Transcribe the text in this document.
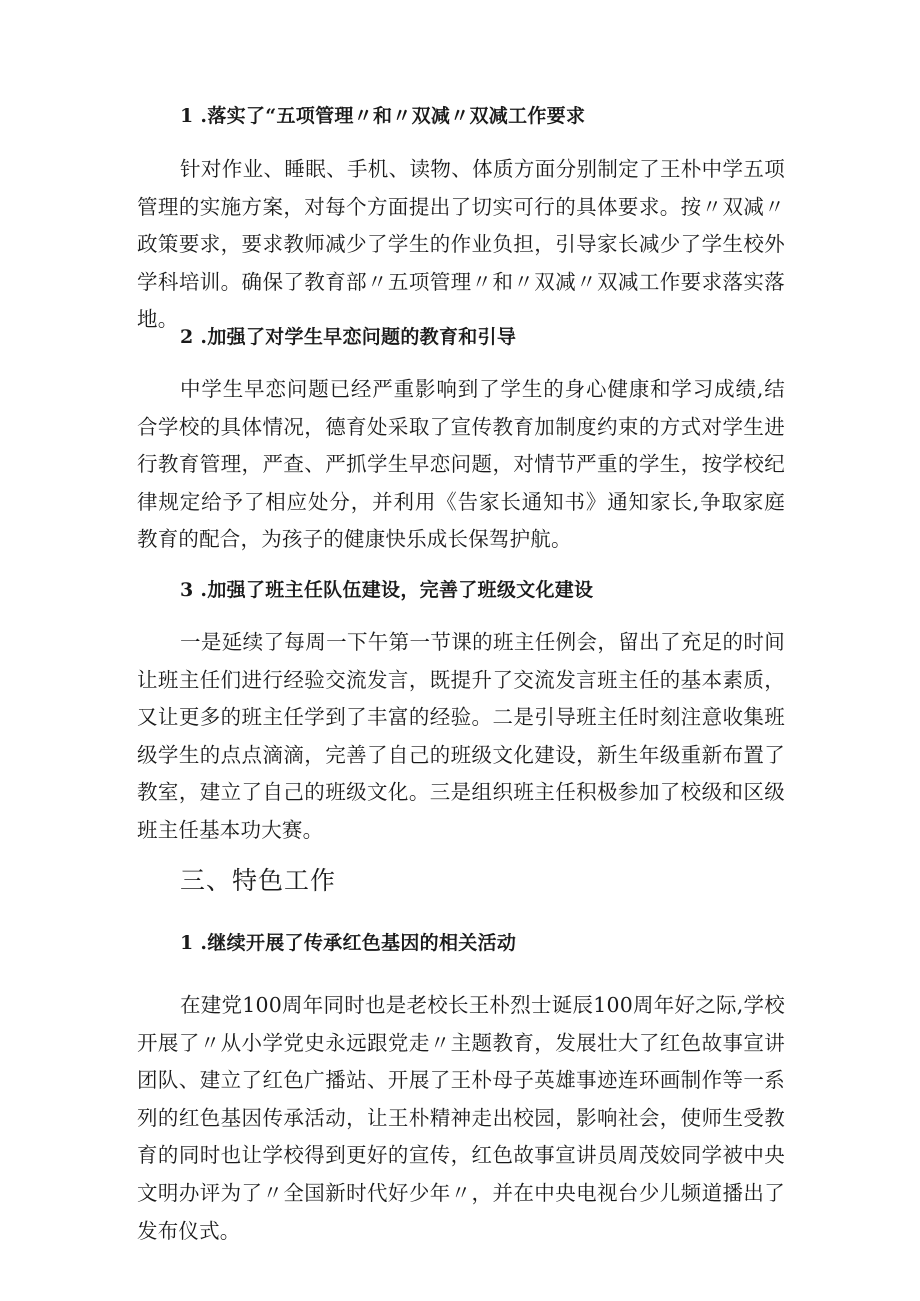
1 .落实了“五项管理〃和〃双减〃双减工作要求

针对作业、睡眠、手机、读物、体质方面分别制定了王朴中学五项管理的实施方案，对每个方面提出了切实可行的具体要求。按〃双减〃政策要求，要求教师减少了学生的作业负担，引导家长减少了学生校外学科培训。确保了教育部〃五项管理〃和〃双减〃双减工作要求落实落地。

2 .加强了对学生早恋问题的教育和引导

中学生早恋问题已经严重影响到了学生的身心健康和学习成绩,结合学校的具体情况，德育处采取了宣传教育加制度约束的方式对学生进行教育管理，严查、严抓学生早恋问题，对情节严重的学生，按学校纪律规定给予了相应处分，并利用《告家长通知书》通知家长,争取家庭教育的配合，为孩子的健康快乐成长保驾护航。

3 .加强了班主任队伍建设，完善了班级文化建设

一是延续了每周一下午第一节课的班主任例会，留出了充足的时间让班主任们进行经验交流发言，既提升了交流发言班主任的基本素质，又让更多的班主任学到了丰富的经验。二是引导班主任时刻注意收集班级学生的点点滴滴，完善了自己的班级文化建设，新生年级重新布置了教室，建立了自己的班级文化。三是组织班主任积极参加了校级和区级班主任基本功大赛。

三、特色工作
1 .继续开展了传承红色基因的相关活动

在建党100周年同时也是老校长王朴烈士诞辰100周年好之际,学校开展了〃从小学党史永远跟党走〃主题教育，发展壮大了红色故事宣讲团队、建立了红色广播站、开展了王朴母子英雄事迹连环画制作等一系列的红色基因传承活动，让王朴精神走出校园，影响社会，使师生受教育的同时也让学校得到更好的宣传，红色故事宣讲员周茂姣同学被中央文明办评为了〃全国新时代好少年〃，并在中央电视台少儿频道播出了发布仪式。
